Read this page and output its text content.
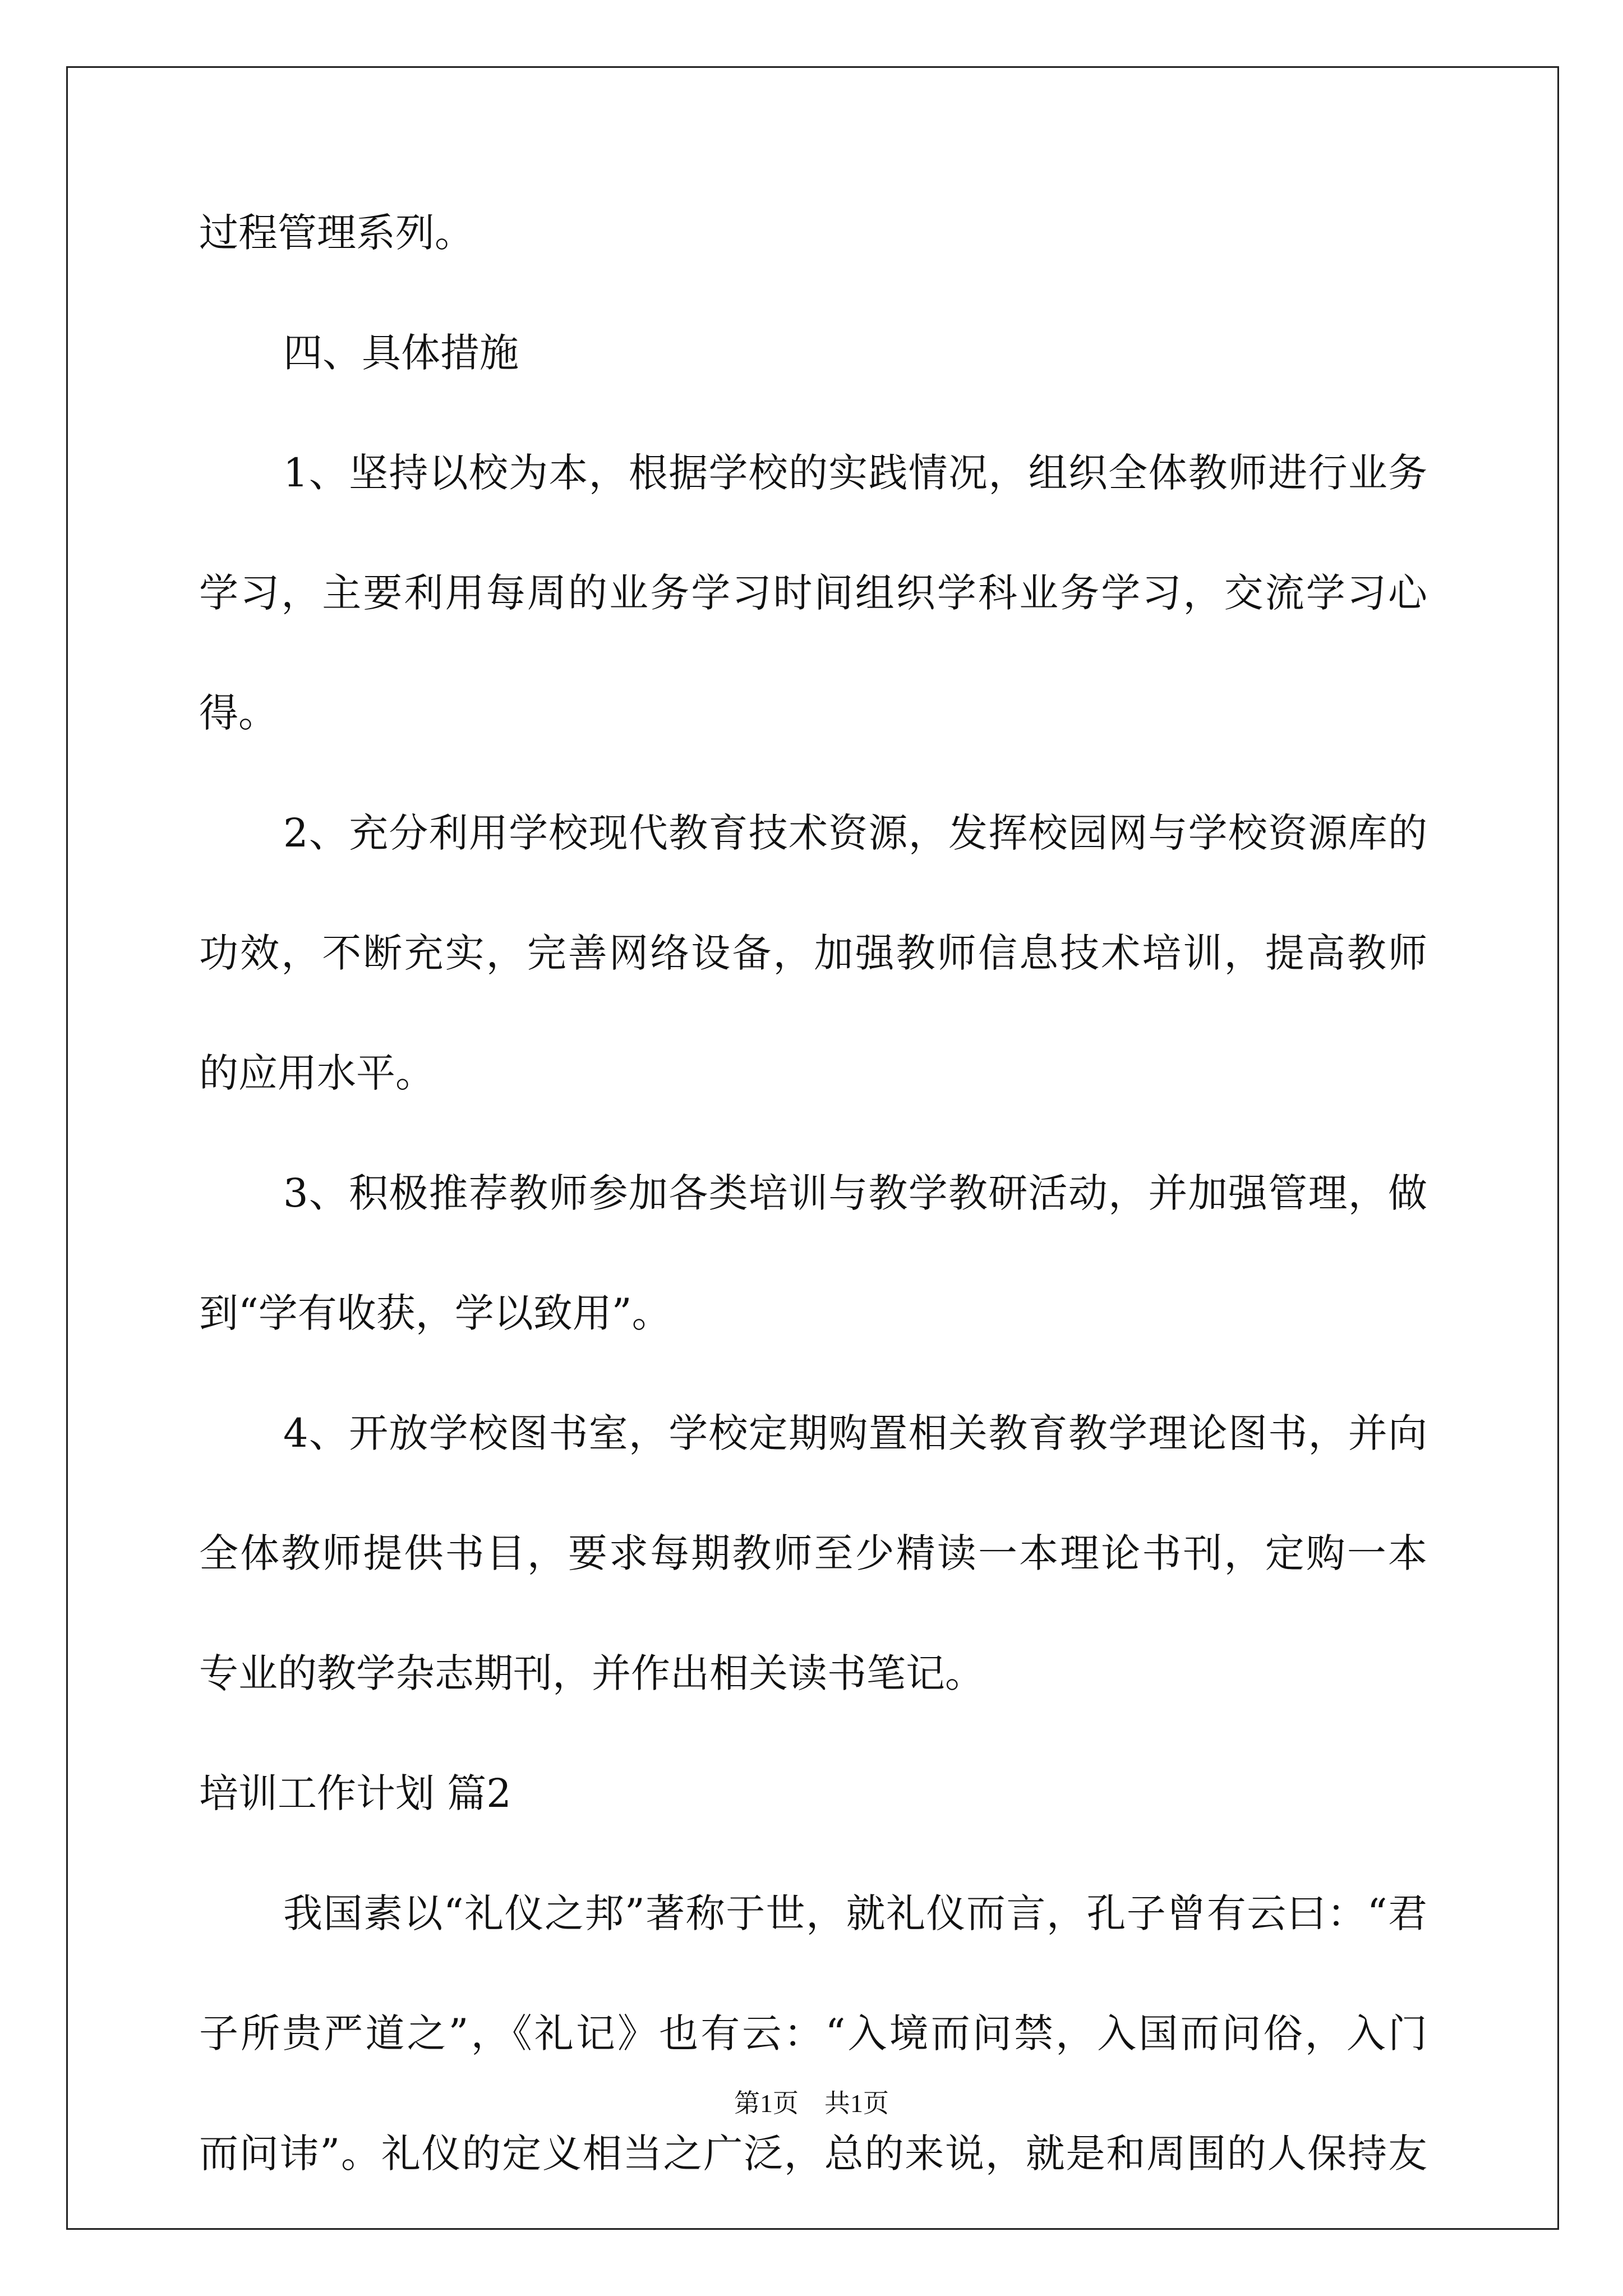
过程管理系列。
四、具体措施
1、坚持以校为本，根据学校的实践情况，组织全体教师进行业务
学习，主要利用每周的业务学习时间组织学科业务学习，交流学习心
得。
2、充分利用学校现代教育技术资源，发挥校园网与学校资源库的
功效，不断充实，完善网络设备，加强教师信息技术培训，提高教师
的应用水平。
3、积极推荐教师参加各类培训与教学教研活动，并加强管理，做
到“学有收获，学以致用”。
4、开放学校图书室，学校定期购置相关教育教学理论图书，并向
全体教师提供书目，要求每期教师至少精读一本理论书刊，定购一本
专业的教学杂志期刊，并作出相关读书笔记。
培训工作计划 篇2
我国素以“礼仪之邦”著称于世，就礼仪而言，孔子曾有云曰：“君
子所贵严道之”，《礼记》也有云：“入境而问禁，入国而问俗，入门
而问讳”。礼仪的定义相当之广泛，总的来说，就是和周围的人保持友
第1页　共1页
